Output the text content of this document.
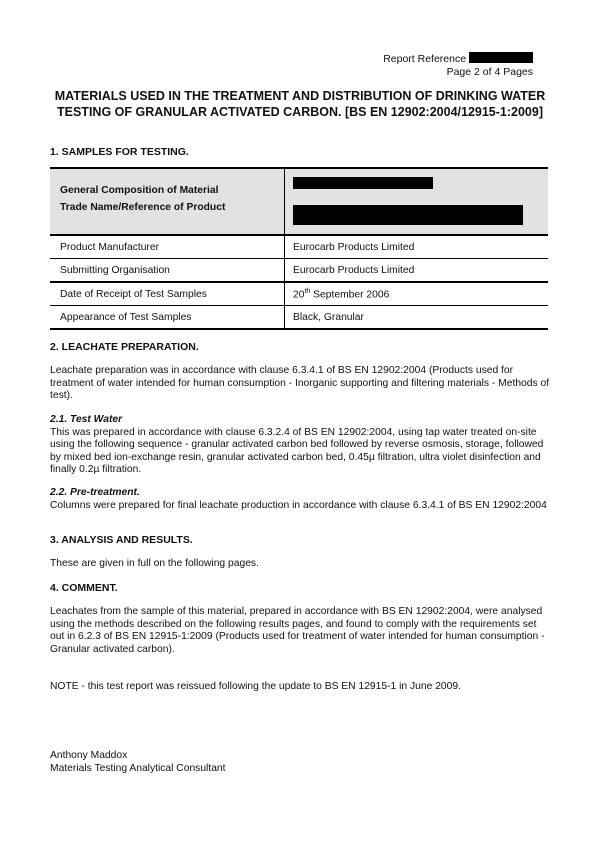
Report Reference
Page 2 of 4 Pages
MATERIALS USED IN THE TREATMENT AND DISTRIBUTION OF DRINKING WATER TESTING OF GRANULAR ACTIVATED CARBON. [BS EN 12902:2004/12915-1:2009]
1. SAMPLES FOR TESTING.
General Composition of Material	
Trade Name/Reference of Product	
Product Manufacturer	Eurocarb Products Limited
Submitting Organisation	Eurocarb Products Limited
Date of Receipt of Test Samples	20th September 2006
Appearance of Test Samples	Black, Granular
2. LEACHATE PREPARATION.
Leachate preparation was in accordance with clause 6.3.4.1 of BS EN 12902:2004 (Products used for treatment of water intended for human consumption - Inorganic supporting and filtering materials - Methods of test).
2.1. Test Water
This was prepared in accordance with clause 6.3.2.4 of BS EN 12902:2004, using tap water treated on-site using the following sequence - granular activated carbon bed followed by reverse osmosis, storage, followed by mixed bed ion-exchange resin, granular activated carbon bed, 0.45µ filtration, ultra violet disinfection and finally 0.2µ filtration.
2.2. Pre-treatment.
Columns were prepared for final leachate production in accordance with clause 6.3.4.1 of BS EN 12902:2004
3. ANALYSIS AND RESULTS.
These are given in full on the following pages.
4. COMMENT.
Leachates from the sample of this material, prepared in accordance with BS EN 12902:2004, were analysed using the methods described on the following results pages, and found to comply with the requirements set out in 6.2.3 of BS EN 12915-1:2009 (Products used for treatment of water intended for human consumption - Granular activated carbon).
NOTE - this test report was reissued following the update to BS EN 12915-1 in June 2009.
Anthony Maddox
Materials Testing Analytical Consultant
